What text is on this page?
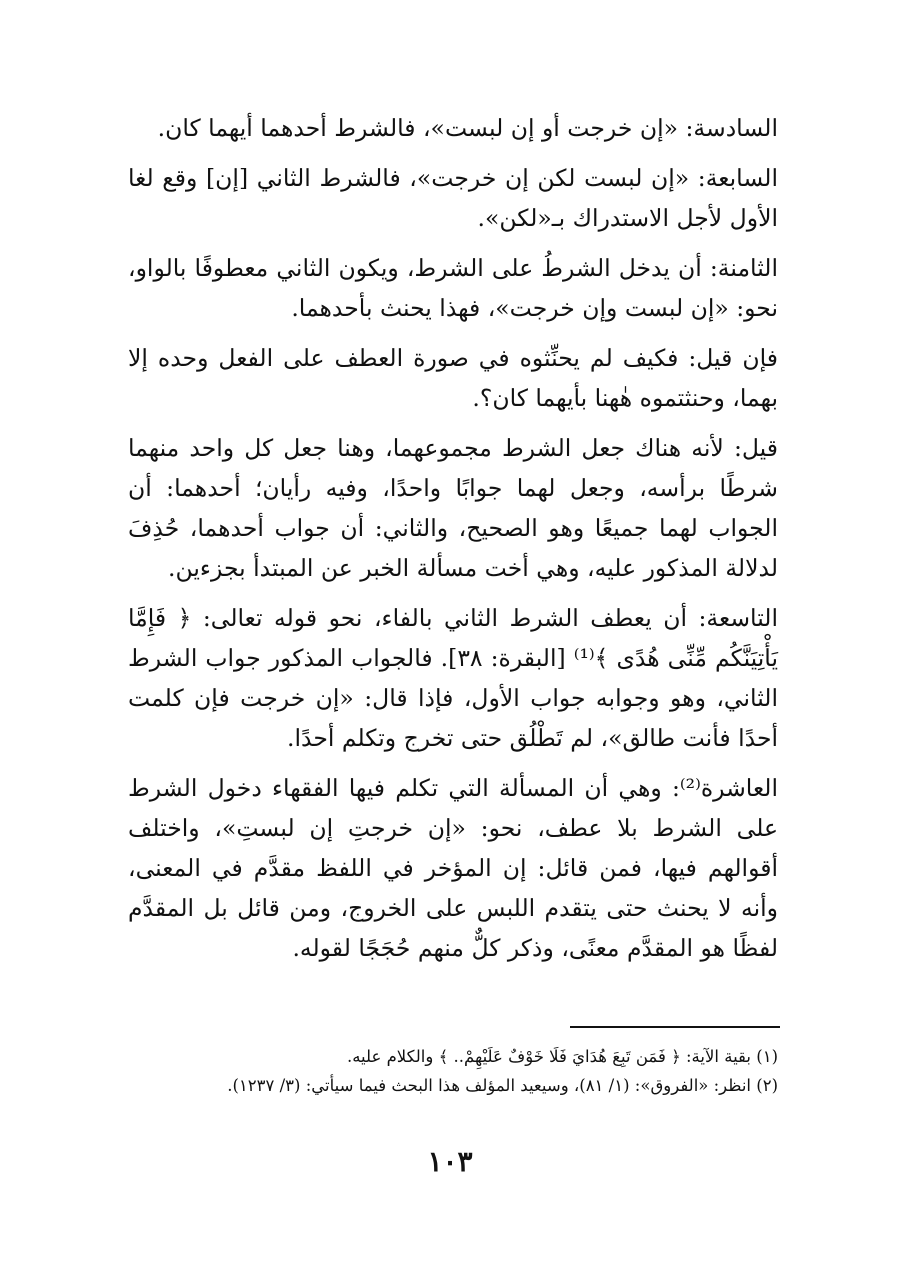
السادسة: «إن خرجت أو إن لبست»، فالشرط أحدهما أيهما كان.

السابعة: «إن لبست لكن إن خرجت»، فالشرط الثاني [إن] وقع لغا الأول لأجل الاستدراك بـ«لكن».

الثامنة: أن يدخل الشرطُ على الشرط، ويكون الثاني معطوفًا بالواو، نحو: «إن لبست وإن خرجت»، فهذا يحنث بأحدهما.

فإن قيل: فكيف لم يحنِّثوه في صورة العطف على الفعل وحده إلا بهما، وحنثتموه هٰهنا بأيهما كان؟.

قيل: لأنه هناك جعل الشرط مجموعهما، وهنا جعل كل واحد منهما شرطًا برأسه، وجعل لهما جوابًا واحدًا، وفيه رأيان؛ أحدهما: أن الجواب لهما جميعًا وهو الصحيح، والثاني: أن جواب أحدهما، حُذِفَ لدلالة المذكور عليه، وهي أخت مسألة الخبر عن المبتدأ بجزءين.

التاسعة: أن يعطف الشرط الثاني بالفاء، نحو قوله تعالى: ﴿ فَإِمَّا يَأْتِيَنَّكُم مِّنِّى هُدًى ﴾⁽¹⁾ [البقرة: ٣٨]. فالجواب المذكور جواب الشرط الثاني، وهو وجوابه جواب الأول، فإذا قال: «إن خرجت فإن كلمت أحدًا فأنت طالق»، لم تَطْلُق حتى تخرج وتكلم أحدًا.

العاشرة⁽²⁾: وهي أن المسألة التي تكلم فيها الفقهاء دخول الشرط على الشرط بلا عطف، نحو: «إن خرجتِ إن لبستِ»، واختلف أقوالهم فيها، فمن قائل: إن المؤخر في اللفظ مقدَّم في المعنى، وأنه لا يحنث حتى يتقدم اللبس على الخروج، ومن قائل بل المقدَّم لفظًا هو المقدَّم معنًى، وذكر كلٌّ منهم حُجَجًا لقوله.

(١) بقية الآية: ﴿ فَمَن تَبِعَ هُدَايَ فَلَا خَوْفٌ عَلَيْهِمْ.. ﴾ والكلام عليه.

(٢) انظر: «الفروق»: (١/ ٨١)، وسيعيد المؤلف هذا البحث فيما سيأتي: (٣/ ١٢٣٧).

١٠٣
